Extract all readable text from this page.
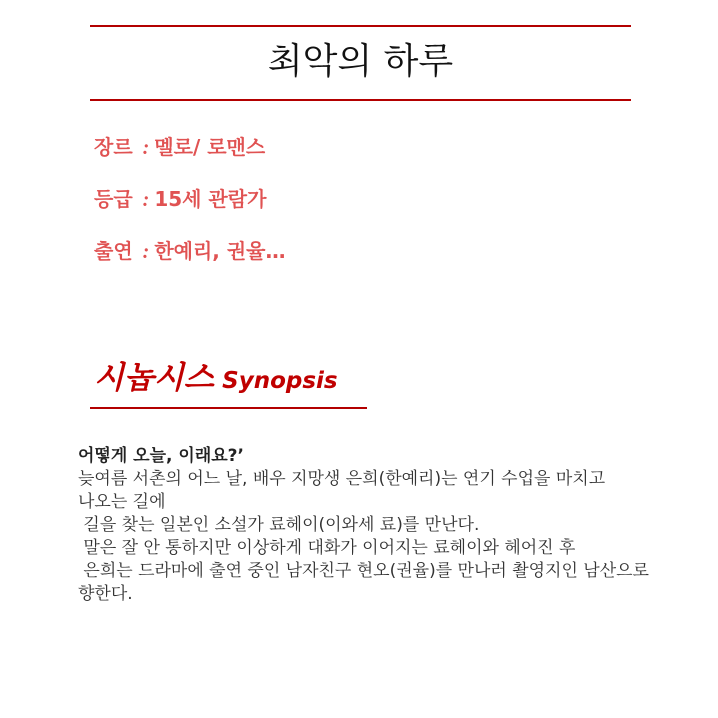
최악의 하루

장르  : 멜로/ 로맨스

등급  : 15세 관람가

출연  : 한예리, 권율…

시놉시스 Synopsis

어떻게 오늘, 이래요?’

늦여름 서촌의 어느 날, 배우 지망생 은희(한예리)는 연기 수업을 마치고

나오는 길에

길을 찾는 일본인 소설가 료헤이(이와세 료)를 만난다.

말은 잘 안 통하지만 이상하게 대화가 이어지는 료헤이와 헤어진 후

은희는 드라마에 출연 중인 남자친구 현오(권율)를 만나러 촬영지인 남산으로

향한다.
